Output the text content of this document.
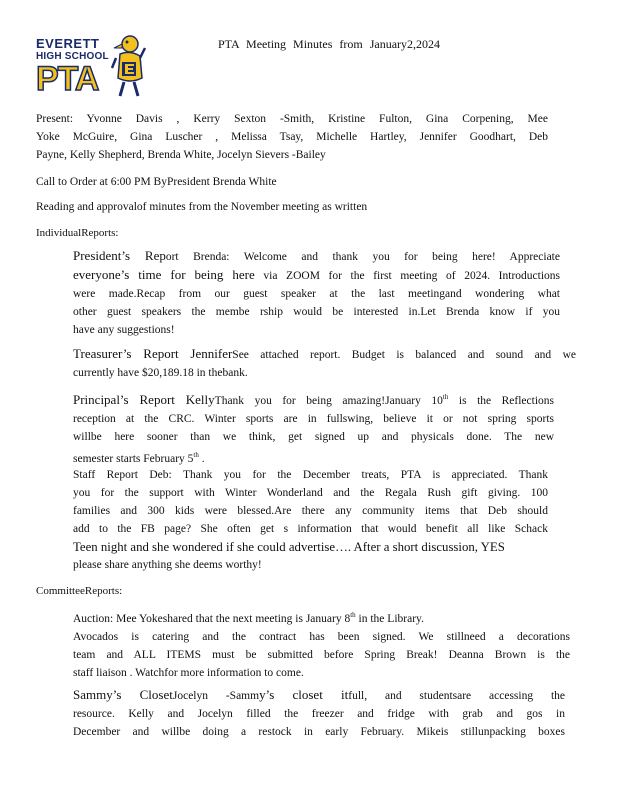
EVERETT
HIGH SCHOOL
PTA
PTA Meeting Minutes from January2,2024
Present: Yvonne Davis , Kerry Sexton -Smith, Kristine Fulton, Gina Corpening, Mee
Yoke McGuire, Gina Luscher , Melissa Tsay, Michelle Hartley, Jennifer Goodhart, Deb
Payne, Kelly Shepherd, Brenda White, Jocelyn Sievers -Bailey
Call to Order at 6:00 PM ByPresident Brenda White
Reading and approvalof minutes from the November meeting as written
IndividualReports:
President’s Report Brenda: Welcome and thank you for being here! Appreciate
everyone’s time for being here via ZOOM for the first meeting of 2024. Introductions
were made.Recap from our guest speaker at the last meetingand wondering what
other guest speakers the membe rship would be interested in.Let Brenda know if you
have any suggestions!
Treasurer’s Report JenniferSee attached report. Budget is balanced and sound and we
currently have $20,189.18 in thebank.
Principal’s Report KellyThank you for being amazing!January 10th is the Reflections
reception at the CRC. Winter sports are in fullswing, believe it or not spring sports
willbe here sooner than we think, get signed up and physicals done. The new
semester starts February 5th .
Staff Report Deb: Thank you for the December treats, PTA is appreciated. Thank
you for the support with Winter Wonderland and the Regala Rush gift giving. 100
families and 300 kids were blessed.Are there any community items that Deb should
add to the FB page? She often get s information that would benefit all like Schack
Teen night and she wondered if she could advertise…. After a short discussion, YES
please share anything she deems worthy!
CommitteeReports:
Auction: Mee Yokeshared that the next meeting is January 8th in the Library.
Avocados is catering and the contract has been signed. We stillneed a decorations
team and ALL ITEMS must be submitted before Spring Break! Deanna Brown is the
staff liaison . Watchfor more information to come.
Sammy’s ClosetJocelyn -Sammy’s closet itfull, and studentsare accessing the
resource. Kelly and Jocelyn filled the freezer and fridge with grab and gos in
December and willbe doing a restock in early February. Mikeis stillunpacking boxes
